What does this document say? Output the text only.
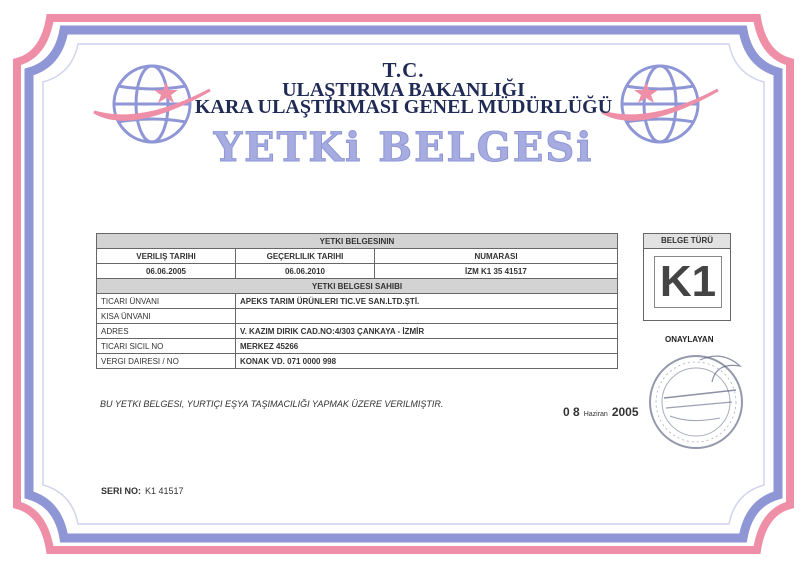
T.C.
ULAŞTIRMA BAKANLIĞI
KARA ULAŞTIRMASI GENEL MÜDÜRLÜĞÜ
YETKi BELGESi
YETKI BELGESININ		
VERILIŞ TARIHI	GEÇERLILIK TARIHI	NUMARASI
06.06.2005	06.06.2010	İZM K1 35 41517
YETKI BELGESI SAHIBI		
TICARI ÜNVANI	APEKS TARIM ÜRÜNLERI TIC.VE SAN.LTD.ŞTİ.	
KISA ÜNVANI		
ADRES	V. KAZIM DIRIK CAD.NO:4/303 ÇANKAYA - İZMİR	
TICARI SICIL NO	MERKEZ 45266	
VERGI DAIRESI / NO	KONAK VD. 071 0000 998	
BELGE TÜRÜ
K1
ONAYLAYAN
BU YETKI BELGESI, YURTIÇI EŞYA TAŞIMACILIĞI YAPMAK ÜZERE VERILMIŞTIR.
0 8 Haziran 2005
SERI NO: K1 41517
